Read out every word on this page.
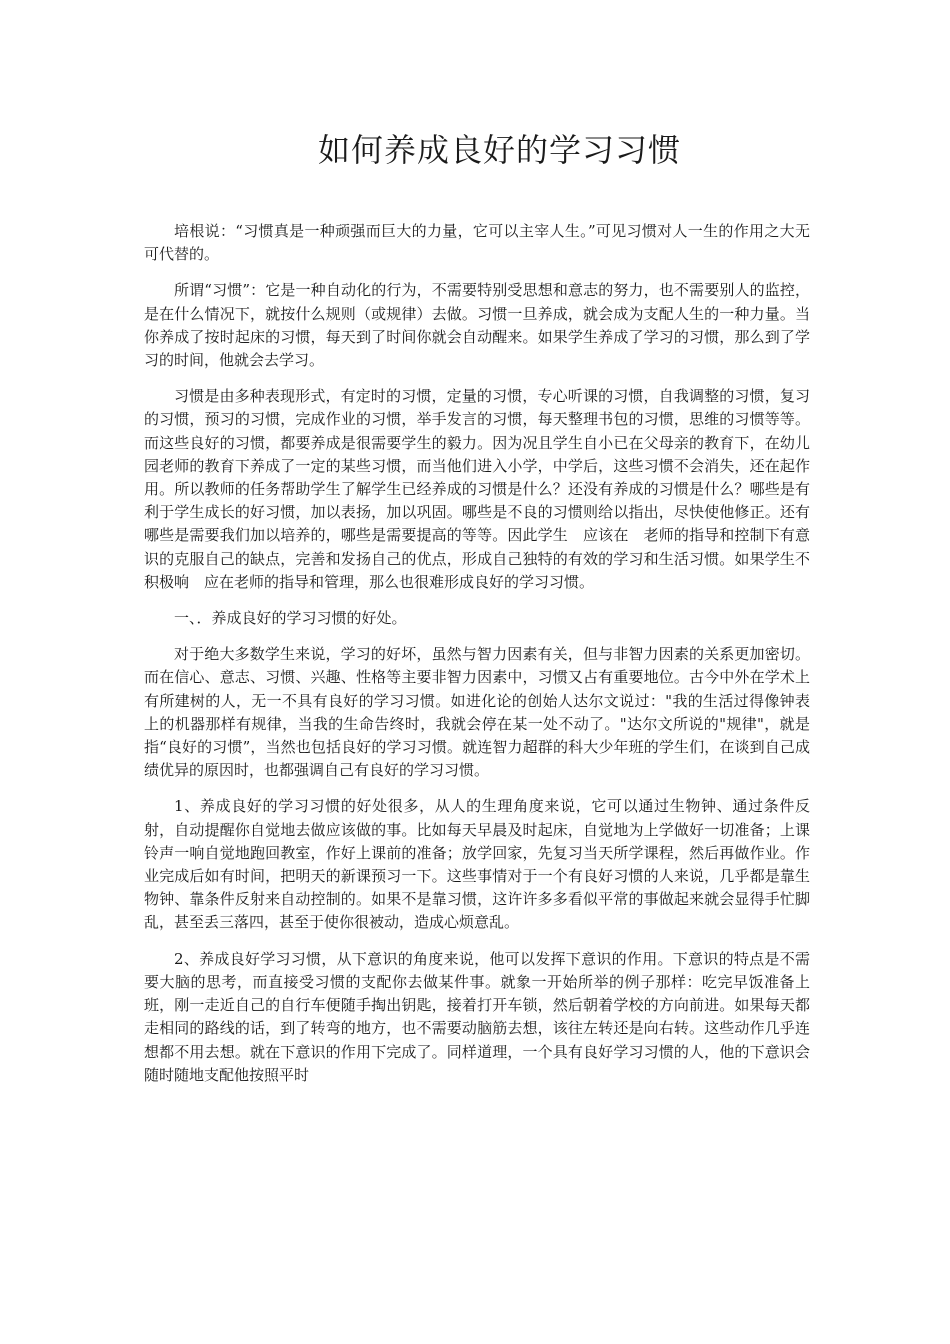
如何养成良好的学习习惯

培根说：“习惯真是一种顽强而巨大的力量，它可以主宰人生。”可见习惯对人一生的作用之大无可代替的。

所谓“习惯”：它是一种自动化的行为，不需要特别受思想和意志的努力，也不需要别人的监控，是在什么情况下，就按什么规则（或规律）去做。习惯一旦养成，就会成为支配人生的一种力量。当你养成了按时起床的习惯，每天到了时间你就会自动醒来。如果学生养成了学习的习惯，那么到了学习的时间，他就会去学习。

习惯是由多种表现形式，有定时的习惯，定量的习惯，专心听课的习惯，自我调整的习惯，复习的习惯，预习的习惯，完成作业的习惯，举手发言的习惯，每天整理书包的习惯，思维的习惯等等。而这些良好的习惯，都要养成是很需要学生的毅力。因为况且学生自小已在父母亲的教育下，在幼儿园老师的教育下养成了一定的某些习惯，而当他们进入小学，中学后，这些习惯不会消失，还在起作用。所以教师的任务帮助学生了解学生已经养成的习惯是什么？还没有养成的习惯是什么？哪些是有利于学生成长的好习惯，加以表扬，加以巩固。哪些是不良的习惯则给以指出，尽快使他修正。还有哪些是需要我们加以培养的，哪些是需要提高的等等。因此学生　应该在　老师的指导和控制下有意识的克服自己的缺点，完善和发扬自己的优点，形成自己独特的有效的学习和生活习惯。如果学生不积极响　应在老师的指导和管理，那么也很难形成良好的学习习惯。

一、．养成良好的学习习惯的好处。

对于绝大多数学生来说，学习的好坏，虽然与智力因素有关，但与非智力因素的关系更加密切。而在信心、意志、习惯、兴趣、性格等主要非智力因素中，习惯又占有重要地位。古今中外在学术上有所建树的人，无一不具有良好的学习习惯。如进化论的创始人达尔文说过："我的生活过得像钟表上的机器那样有规律，当我的生命告终时，我就会停在某一处不动了。"达尔文所说的"规律"，就是指“良好的习惯”，当然也包括良好的学习习惯。就连智力超群的科大少年班的学生们，在谈到自己成绩优异的原因时，也都强调自己有良好的学习习惯。

1、养成良好的学习习惯的好处很多，从人的生理角度来说，它可以通过生物钟、通过条件反射，自动提醒你自觉地去做应该做的事。比如每天早晨及时起床，自觉地为上学做好一切准备；上课铃声一响自觉地跑回教室，作好上课前的准备；放学回家，先复习当天所学课程，然后再做作业。作业完成后如有时间，把明天的新课预习一下。这些事情对于一个有良好习惯的人来说，几乎都是靠生物钟、靠条件反射来自动控制的。如果不是靠习惯，这许许多多看似平常的事做起来就会显得手忙脚乱，甚至丢三落四，甚至于使你很被动，造成心烦意乱。

2、养成良好学习习惯，从下意识的角度来说，他可以发挥下意识的作用。下意识的特点是不需要大脑的思考，而直接受习惯的支配你去做某件事。就象一开始所举的例子那样：吃完早饭准备上班，刚一走近自己的自行车便随手掏出钥匙，接着打开车锁，然后朝着学校的方向前进。如果每天都走相同的路线的话，到了转弯的地方，也不需要动脑筋去想，该往左转还是向右转。这些动作几乎连想都不用去想。就在下意识的作用下完成了。同样道理，一个具有良好学习习惯的人，他的下意识会随时随地支配他按照平时
